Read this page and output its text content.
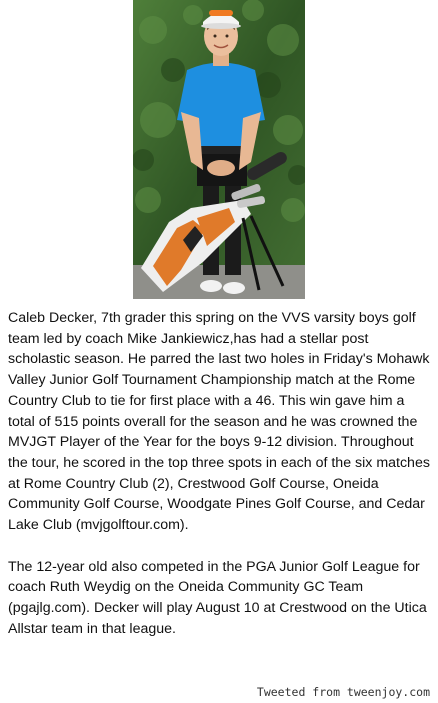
Caleb Decker, 7th grader this spring on the VVS varsity boys golf team led by coach Mike Jankiewicz,has had a stellar post scholastic season. He parred the last two holes in Friday's Mohawk Valley Junior Golf Tournament Championship match at the Rome Country Club to tie for first place with a 46. This win gave him a total of 515 points overall for the season and he was crowned the MVJGT Player of the Year for the boys 9-12 division. Throughout the tour, he scored in the top three spots in each of the six matches at Rome Country Club (2), Crestwood Golf Course, Oneida Community Golf Course, Woodgate Pines Golf Course, and Cedar Lake Club (mvjgolftour.com).

The 12-year old also competed in the PGA Junior Golf League for coach Ruth Weydig on the Oneida Community GC Team (pgajlg.com). Decker will play August 10 at Crestwood on the Utica Allstar team in that league.

Tweeted from tweenjoy.com
